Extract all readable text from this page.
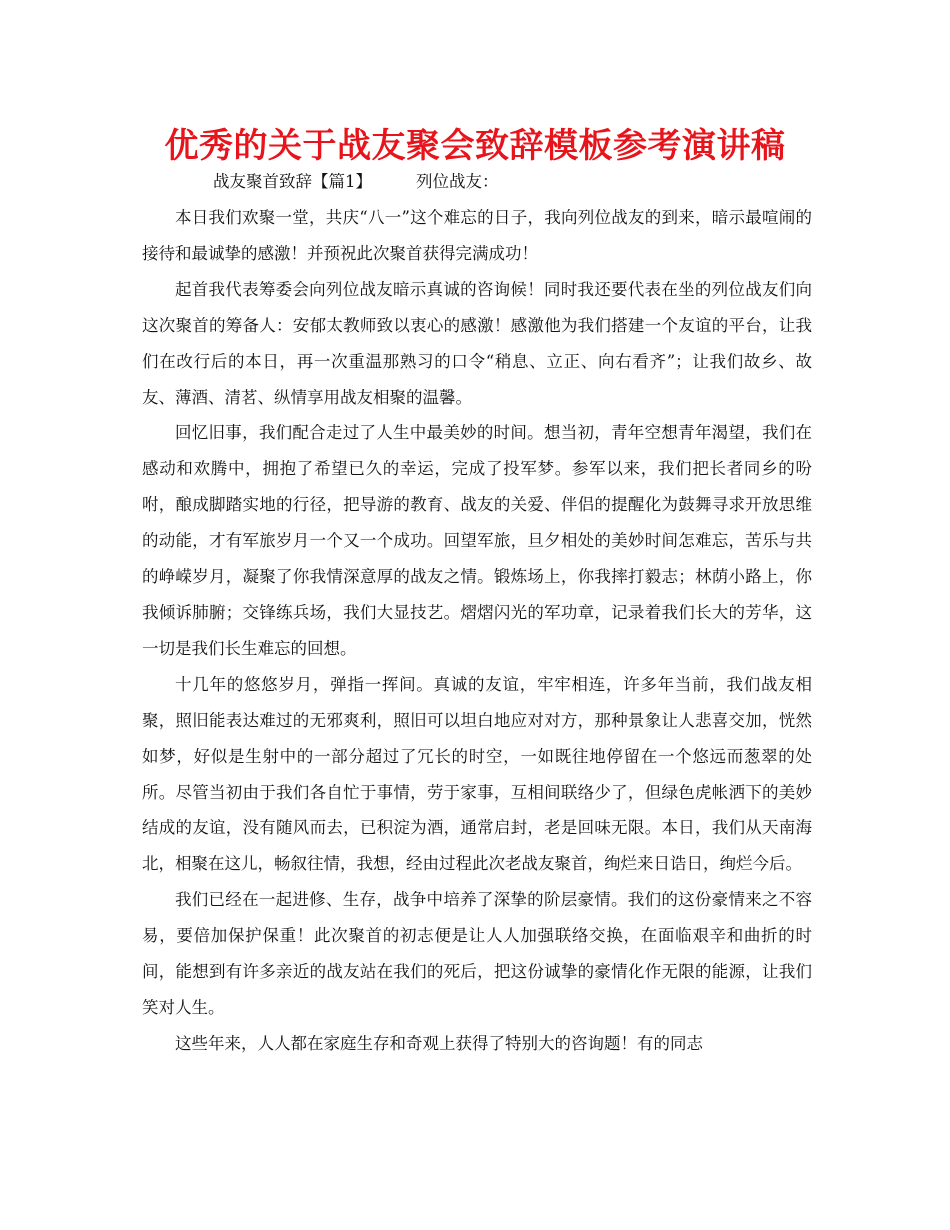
优秀的关于战友聚会致辞模板参考演讲稿
战友聚首致辞【篇1】	列位战友：

本日我们欢聚一堂，共庆“八一”这个难忘的日子，我向列位战友的到来，暗示最喧闹的接待和最诚挚的感激！并预祝此次聚首获得完满成功！

起首我代表筹委会向列位战友暗示真诚的咨询候！同时我还要代表在坐的列位战友们向这次聚首的筹备人：安郁太教师致以衷心的感激！感激他为我们搭建一个友谊的平台，让我们在改行后的本日，再一次重温那熟习的口令“稍息、立正、向右看齐”；让我们故乡、故友、薄酒、清茗、纵情享用战友相聚的温馨。

回忆旧事，我们配合走过了人生中最美妙的时间。想当初，青年空想青年渴望，我们在感动和欢腾中，拥抱了希望已久的幸运，完成了投军梦。参军以来，我们把长者同乡的吩咐，酿成脚踏实地的行径，把导游的教育、战友的关爱、伴侣的提醒化为鼓舞寻求开放思维的动能，才有军旅岁月一个又一个成功。回望军旅，旦夕相处的美妙时间怎难忘，苦乐与共的峥嵘岁月，凝聚了你我情深意厚的战友之情。锻炼场上，你我摔打毅志；林荫小路上，你我倾诉肺腑；交锋练兵场，我们大显技艺。熠熠闪光的军功章，记录着我们长大的芳华，这一切是我们长生难忘的回想。

十几年的悠悠岁月，弹指一挥间。真诚的友谊，牢牢相连，许多年当前，我们战友相聚，照旧能表达难过的无邪爽利，照旧可以坦白地应对对方，那种景象让人悲喜交加，恍然如梦，好似是生射中的一部分超过了冗长的时空，一如既往地停留在一个悠远而葱翠的处所。尽管当初由于我们各自忙于事情，劳于家事，互相间联络少了，但绿色虎帐洒下的美妙结成的友谊，没有随风而去，已积淀为酒，通常启封，老是回味无限。本日，我们从天南海北，相聚在这儿，畅叙往情，我想，经由过程此次老战友聚首，绚烂来日诰日，绚烂今后。

我们已经在一起进修、生存，战争中培养了深挚的阶层豪情。我们的这份豪情来之不容易，要倍加保护保重！此次聚首的初志便是让人人加强联络交换，在面临艰辛和曲折的时间，能想到有许多亲近的战友站在我们的死后，把这份诚挚的豪情化作无限的能源，让我们笑对人生。

这些年来，人人都在家庭生存和奇观上获得了特别大的咨询题！有的同志
